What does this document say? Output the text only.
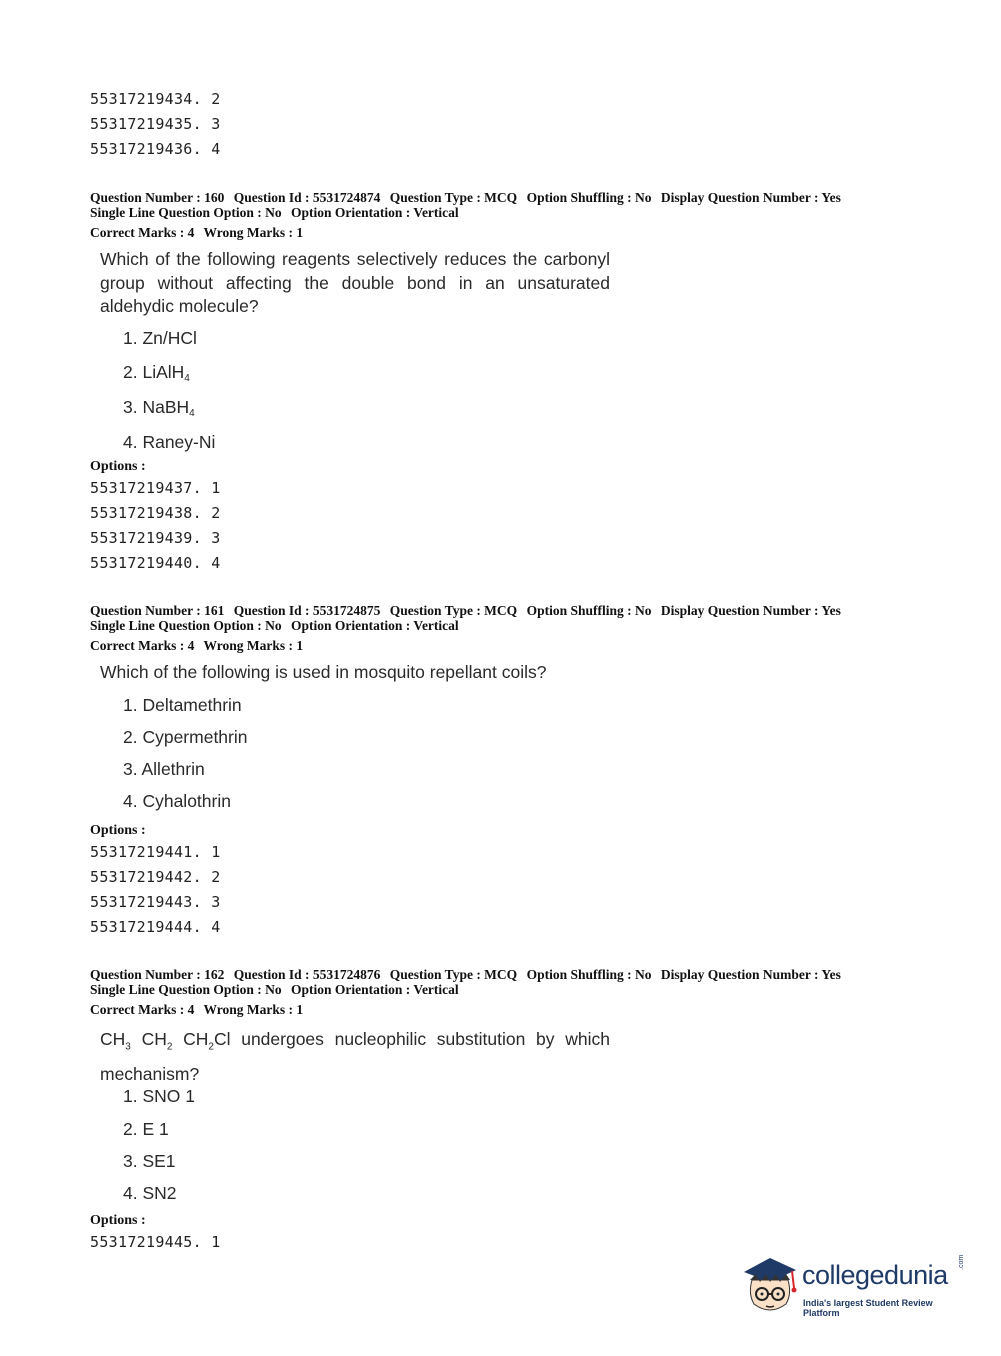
55317219434. 2
55317219435. 3
55317219436. 4
Question Number : 160 Question Id : 5531724874 Question Type : MCQ Option Shuffling : No Display Question Number : Yes
Single Line Question Option : No Option Orientation : Vertical
Correct Marks : 4 Wrong Marks : 1
Which of the following reagents selectively reduces the carbonyl group without affecting the double bond in an unsaturated aldehydic molecule?
1. Zn/HCl
2. LiAlH$_4$
3. NaBH$_4$
4. Raney-Ni
Options :
55317219437. 1
55317219438. 2
55317219439. 3
55317219440. 4
Question Number : 161 Question Id : 5531724875 Question Type : MCQ Option Shuffling : No Display Question Number : Yes
Single Line Question Option : No Option Orientation : Vertical
Correct Marks : 4 Wrong Marks : 1
Which of the following is used in mosquito repellant coils?
1. Deltamethrin
2. Cypermethrin
3. Allethrin
4. Cyhalothrin
Options :
55317219441. 1
55317219442. 2
55317219443. 3
55317219444. 4
Question Number : 162 Question Id : 5531724876 Question Type : MCQ Option Shuffling : No Display Question Number : Yes
Single Line Question Option : No Option Orientation : Vertical
Correct Marks : 4 Wrong Marks : 1
$CH_3$ $CH_2$ $CH_2Cl$ undergoes nucleophilic substitution by which mechanism?
1. SNO 1
2. E 1
3. SE1
4. SN2
Options :
55317219445. 1
collegedunia .com
India's largest Student Review Platform
